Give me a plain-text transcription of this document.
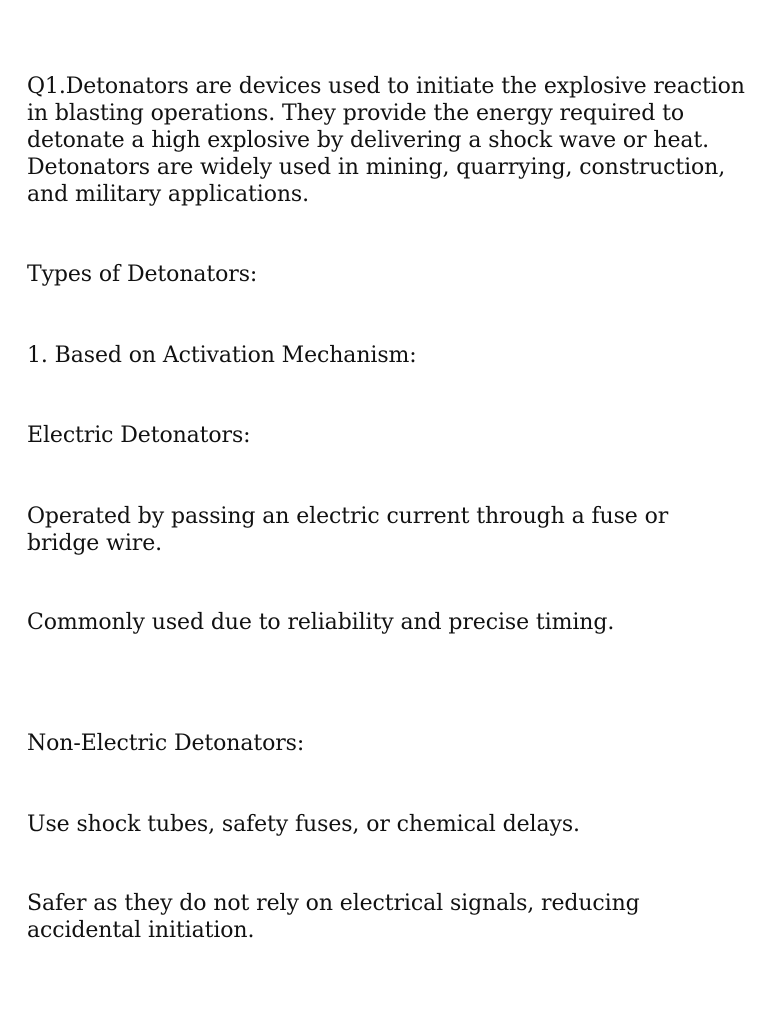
Q1.Detonators are devices used to initiate the explosive reaction in blasting operations. They provide the energy required to detonate a high explosive by delivering a shock wave or heat. Detonators are widely used in mining, quarrying, construction, and military applications.

Types of Detonators:

1. Based on Activation Mechanism:

Electric Detonators:

Operated by passing an electric current through a fuse or bridge wire.

Commonly used due to reliability and precise timing.

Non-Electric Detonators:

Use shock tubes, safety fuses, or chemical delays.

Safer as they do not rely on electrical signals, reducing accidental initiation.
